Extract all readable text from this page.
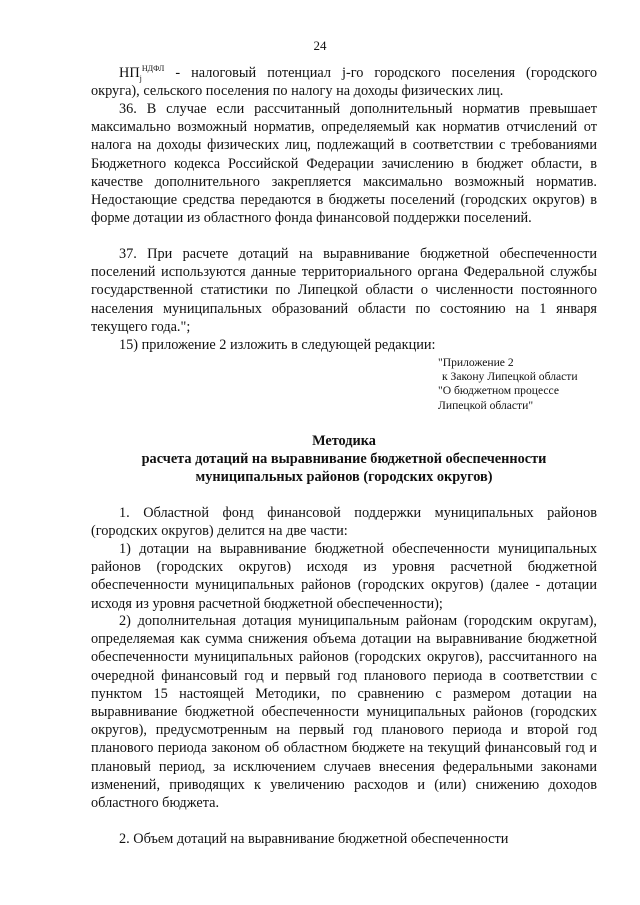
24
$НП_j^{НДФЛ}$ - налоговый потенциал j-го городского поселения (городского округа), сельского поселения по налогу на доходы физических лиц.
36. В случае если рассчитанный дополнительный норматив превышает максимально возможный норматив, определяемый как норматив отчислений от налога на доходы физических лиц, подлежащий в соответствии с требованиями Бюджетного кодекса Российской Федерации зачислению в бюджет области, в качестве дополнительного закрепляется максимально возможный норматив. Недостающие средства передаются в бюджеты поселений (городских округов) в форме дотации из областного фонда финансовой поддержки поселений.
37. При расчете дотаций на выравнивание бюджетной обеспеченности поселений используются данные территориального органа Федеральной службы государственной статистики по Липецкой области о численности постоянного населения муниципальных образований области по состоянию на 1 января текущего года.";
15) приложение 2 изложить в следующей редакции:
"Приложение 2
к Закону Липецкой области
"О бюджетном процессе
Липецкой области"
Методика
расчета дотаций на выравнивание бюджетной обеспеченности
муниципальных районов (городских округов)
1. Областной фонд финансовой поддержки муниципальных районов (городских округов) делится на две части:
1) дотации на выравнивание бюджетной обеспеченности муниципальных районов (городских округов) исходя из уровня расчетной бюджетной обеспеченности муниципальных районов (городских округов) (далее - дотации исходя из уровня расчетной бюджетной обеспеченности);
2) дополнительная дотация муниципальным районам (городским округам), определяемая как сумма снижения объема дотации на выравнивание бюджетной обеспеченности муниципальных районов (городских округов), рассчитанного на очередной финансовый год и первый год планового периода в соответствии с пунктом 15 настоящей Методики, по сравнению с размером дотации на выравнивание бюджетной обеспеченности муниципальных районов (городских округов), предусмотренным на первый год планового периода и второй год планового периода законом об областном бюджете на текущий финансовый год и плановый период, за исключением случаев внесения федеральными законами изменений, приводящих к увеличению расходов и (или) снижению доходов областного бюджета.
2. Объем дотаций на выравнивание бюджетной обеспеченности
